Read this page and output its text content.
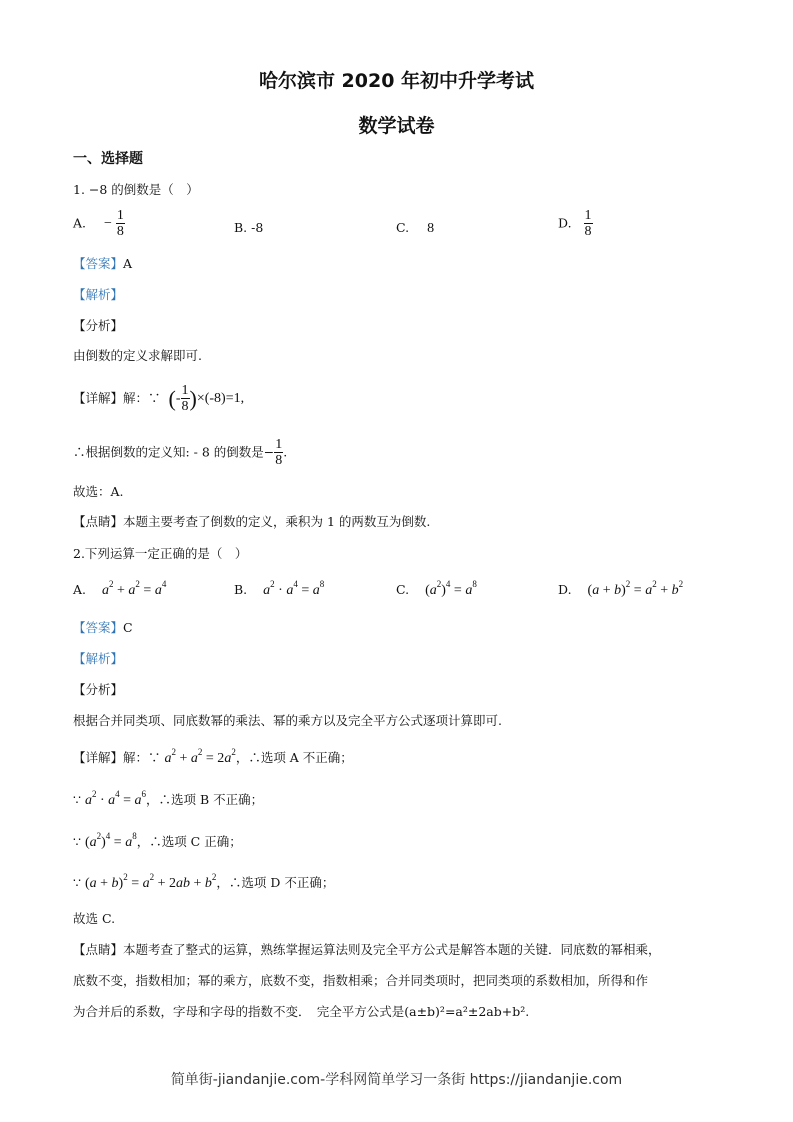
哈尔滨市 2020 年初中升学考试
数学试卷
一、选择题
1. −8 的倒数是（　）
A. − $\frac{1}{8}$	B. -8	C. 8	D. $\frac{1}{8}$
【答案】A
【解析】
【分析】
由倒数的定义求解即可.
【详解】解：∵ (- $\frac{1}{8} )\times(-8)=1$,
∴根据倒数的定义知: - 8 的倒数是− $\frac{1}{8}$ .
故选：A.
【点睛】本题主要考查了倒数的定义，乘积为 1 的两数互为倒数.
2.下列运算一定正确的是（　）
A. $a^2 + a^2 = a^4$	B. $a^2 \cdot a^4 = a^8$	C. $(a^2)^4 = a^8$	D. $(a + b)^2 = a^2 + b^2$
【答案】C
【解析】
【分析】
根据合并同类项、同底数幂的乘法、幂的乘方以及完全平方公式逐项计算即可.
【详解】解：∵ $a^2 + a^2 = 2a^2$，∴选项 A 不正确；
∵ $a^2 \cdot a^4 = a^6$，∴选项 B 不正确；
∵ $(a^2)^4 = a^8$，∴选项 C 正确；
∵ $(a + b)^2 = a^2 + 2ab + b^2$，∴选项 D 不正确；
故选 C.
【点睛】本题考查了整式的运算，熟练掌握运算法则及完全平方公式是解答本题的关键．同底数的幂相乘，
底数不变，指数相加；幂的乘方，底数不变，指数相乘；合并同类项时，把同类项的系数相加，所得和作
为合并后的系数，字母和字母的指数不变．　完全平方公式是(a±b)²=a²±2ab+b².
简单街-jiandanjie.com-学科网简单学习一条街 https://jiandanjie.com
